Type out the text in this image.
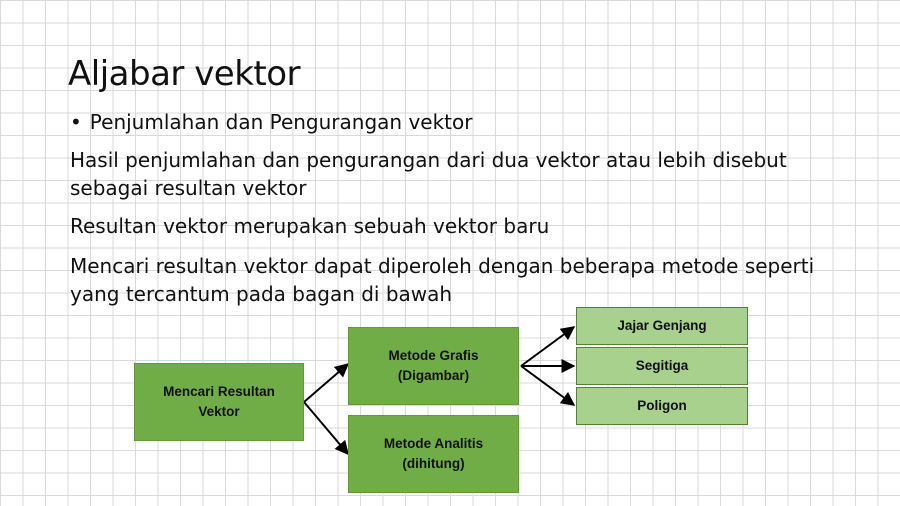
Aljabar vektor
• Penjumlahan dan Pengurangan vektor
Hasil penjumlahan dan pengurangan dari dua vektor atau lebih disebut sebagai resultan vektor
Resultan vektor merupakan sebuah vektor baru
Mencari resultan vektor dapat diperoleh dengan beberapa metode seperti yang tercantum pada bagan di bawah
Mencari Resultan
Vektor
Metode Grafis
(Digambar)
Metode Analitis
(dihitung)
Jajar Genjang
Segitiga
Poligon
